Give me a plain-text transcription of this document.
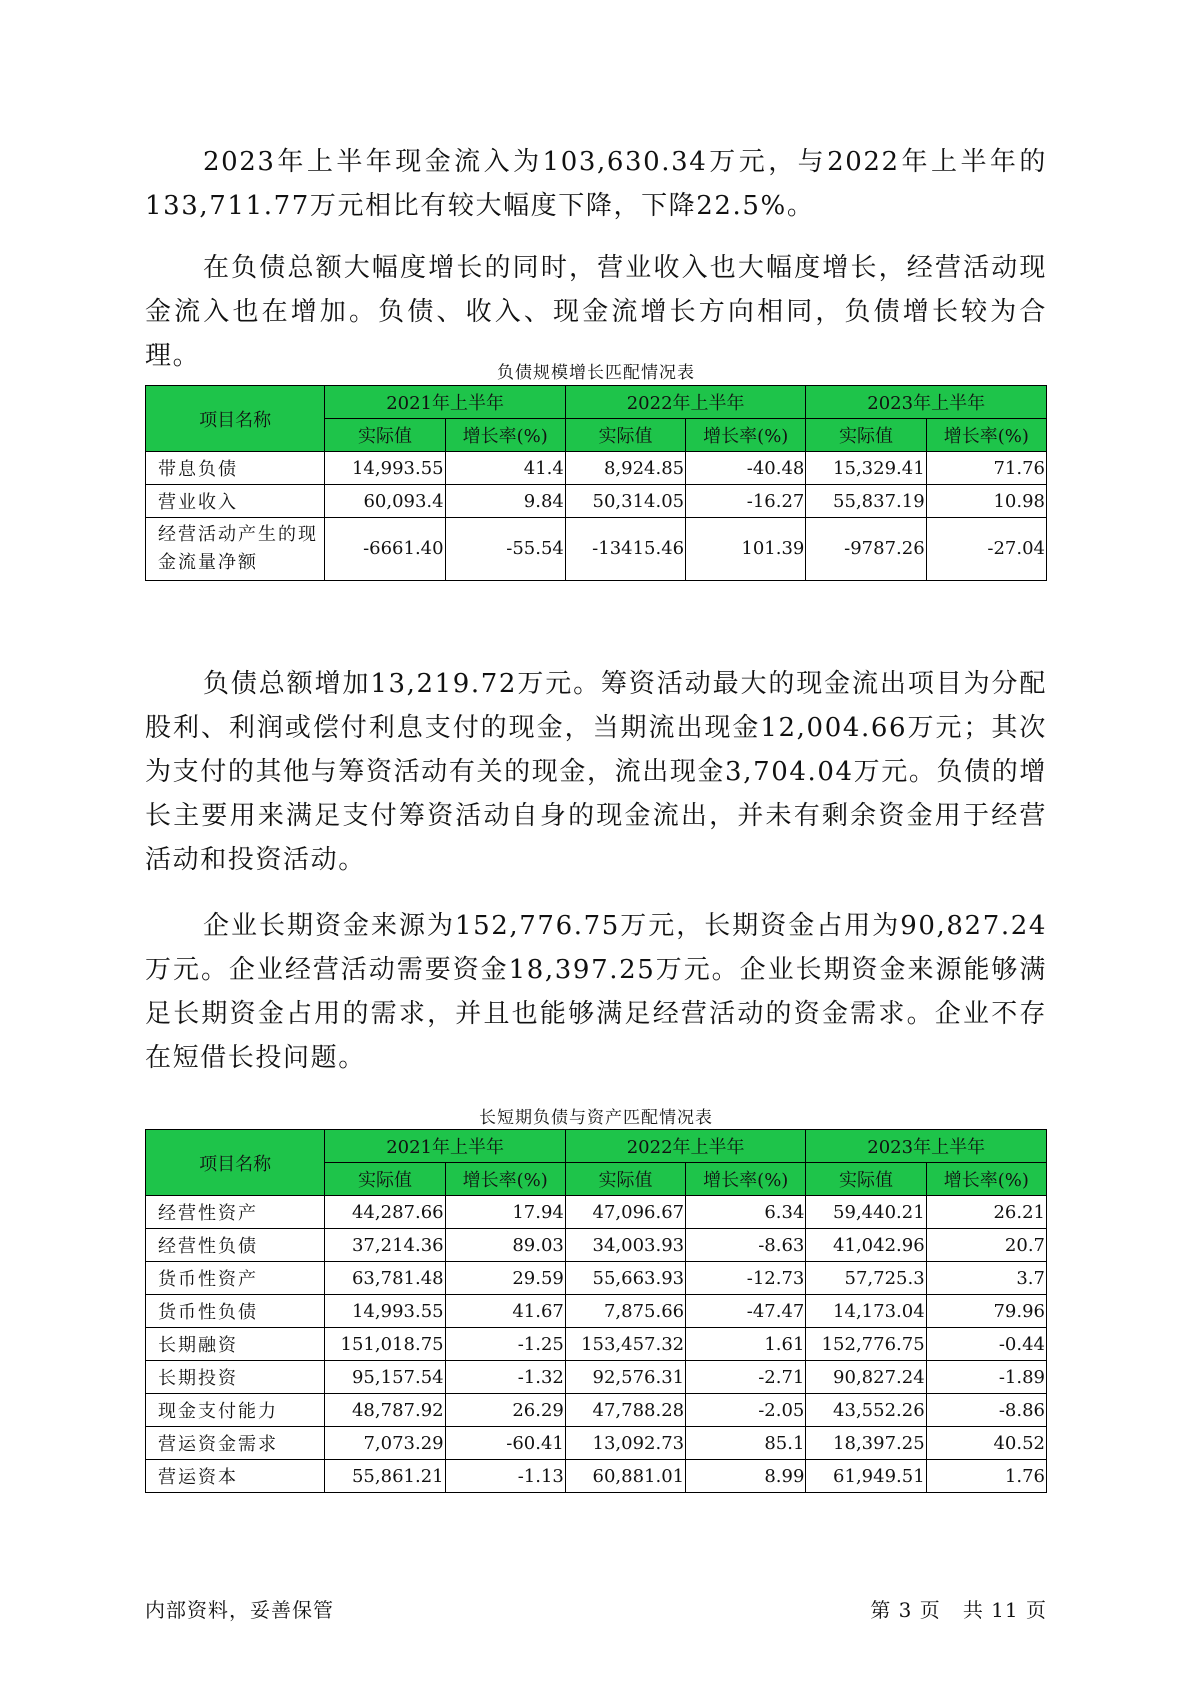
2023年上半年现金流入为103,630.34万元，与2022年上半年的133,711.77万元相比有较大幅度下降，下降22.5%。

在负债总额大幅度增长的同时，营业收入也大幅度增长，经营活动现金流入也在增加。负债、收入、现金流增长方向相同，负债增长较为合理。

负债规模增长匹配情况表
项目名称	2021年上半年		2022年上半年		2023年上半年	
	实际值	增长率(%)	实际值	增长率(%)	实际值	增长率(%)
带息负债	14,993.55	41.4	8,924.85	-40.48	15,329.41	71.76
营业收入	60,093.4	9.84	50,314.05	-16.27	55,837.19	10.98
经营活动产生的现金流量净额	-6661.40	-55.54	-13415.46	101.39	-9787.26	-27.04

负债总额增加13,219.72万元。筹资活动最大的现金流出项目为分配股利、利润或偿付利息支付的现金，当期流出现金12,004.66万元；其次为支付的其他与筹资活动有关的现金，流出现金3,704.04万元。负债的增长主要用来满足支付筹资活动自身的现金流出，并未有剩余资金用于经营活动和投资活动。

企业长期资金来源为152,776.75万元，长期资金占用为90,827.24万元。企业经营活动需要资金18,397.25万元。企业长期资金来源能够满足长期资金占用的需求，并且也能够满足经营活动的资金需求。企业不存在短借长投问题。

长短期负债与资产匹配情况表
项目名称	2021年上半年		2022年上半年		2023年上半年	
	实际值	增长率(%)	实际值	增长率(%)	实际值	增长率(%)
经营性资产	44,287.66	17.94	47,096.67	6.34	59,440.21	26.21
经营性负债	37,214.36	89.03	34,003.93	-8.63	41,042.96	20.7
货币性资产	63,781.48	29.59	55,663.93	-12.73	57,725.3	3.7
货币性负债	14,993.55	41.67	7,875.66	-47.47	14,173.04	79.96
长期融资	151,018.75	-1.25	153,457.32	1.61	152,776.75	-0.44
长期投资	95,157.54	-1.32	92,576.31	-2.71	90,827.24	-1.89
现金支付能力	48,787.92	26.29	47,788.28	-2.05	43,552.26	-8.86
营运资金需求	7,073.29	-60.41	13,092.73	85.1	18,397.25	40.52
营运资本	55,861.21	-1.13	60,881.01	8.99	61,949.51	1.76
内部资料，妥善保管	第 3 页   共 11 页
